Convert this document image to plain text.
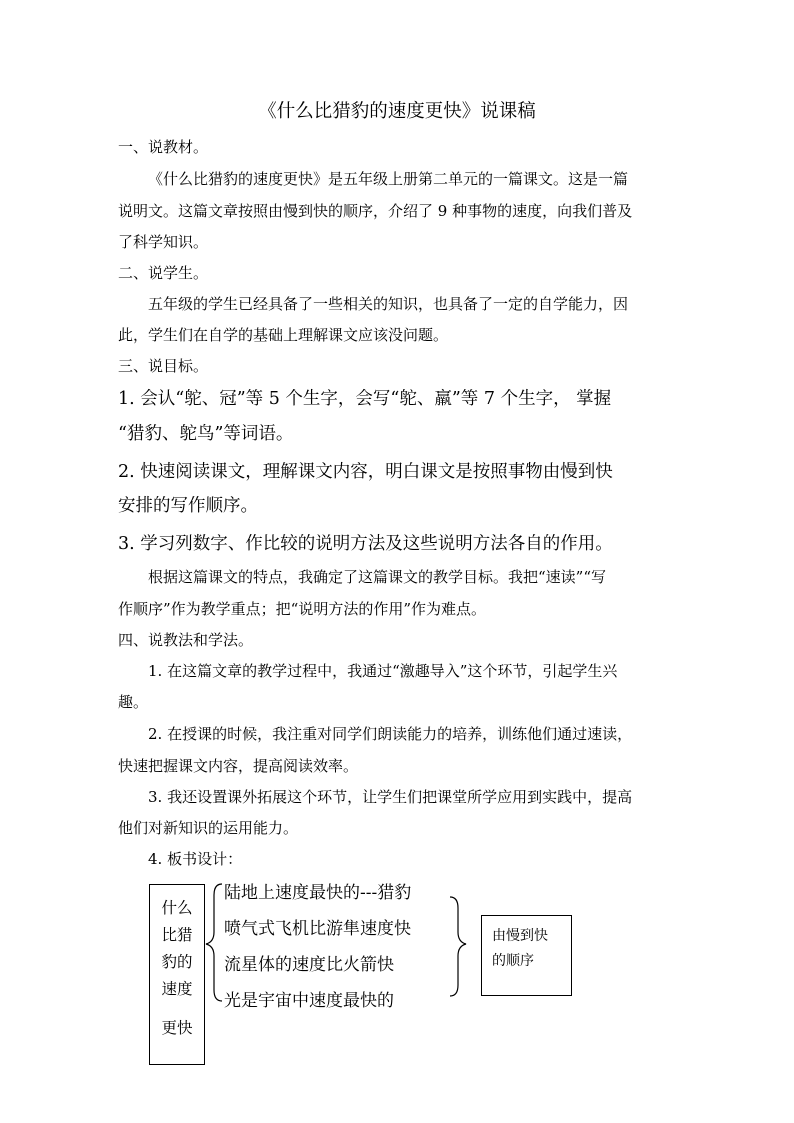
《什么比猎豹的速度更快》说课稿
一、说教材。
《什么比猎豹的速度更快》是五年级上册第二单元的一篇课文。这是一篇
说明文。这篇文章按照由慢到快的顺序，介绍了 9 种事物的速度，向我们普及
了科学知识。
二、说学生。
五年级的学生已经具备了一些相关的知识，也具备了一定的自学能力，因
此，学生们在自学的基础上理解课文应该没问题。
三、说目标。
1. 会认“鸵、冠”等 5 个生字，会写“鸵、羸”等 7 个生字， 掌握
“猎豹、鸵鸟”等词语。
2. 快速阅读课文，理解课文内容，明白课文是按照事物由慢到快
安排的写作顺序。
3. 学习列数字、作比较的说明方法及这些说明方法各自的作用。
根据这篇课文的特点，我确定了这篇课文的教学目标。我把“速读”“写
作顺序”作为教学重点；把“说明方法的作用”作为难点。
四、说教法和学法。
1. 在这篇文章的教学过程中，我通过“激趣导入”这个环节，引起学生兴
趣。
2. 在授课的时候，我注重对同学们朗读能力的培养，训练他们通过速读，
快速把握课文内容，提高阅读效率。
3. 我还设置课外拓展这个环节，让学生们把课堂所学应用到实践中，提高
他们对新知识的运用能力。
4. 板书设计：
什么
比猎
豹的
速度
更快
陆地上速度最快的---猎豹
喷气式飞机比游隼速度快
流星体的速度比火箭快
光是宇宙中速度最快的
由慢到快
的顺序
